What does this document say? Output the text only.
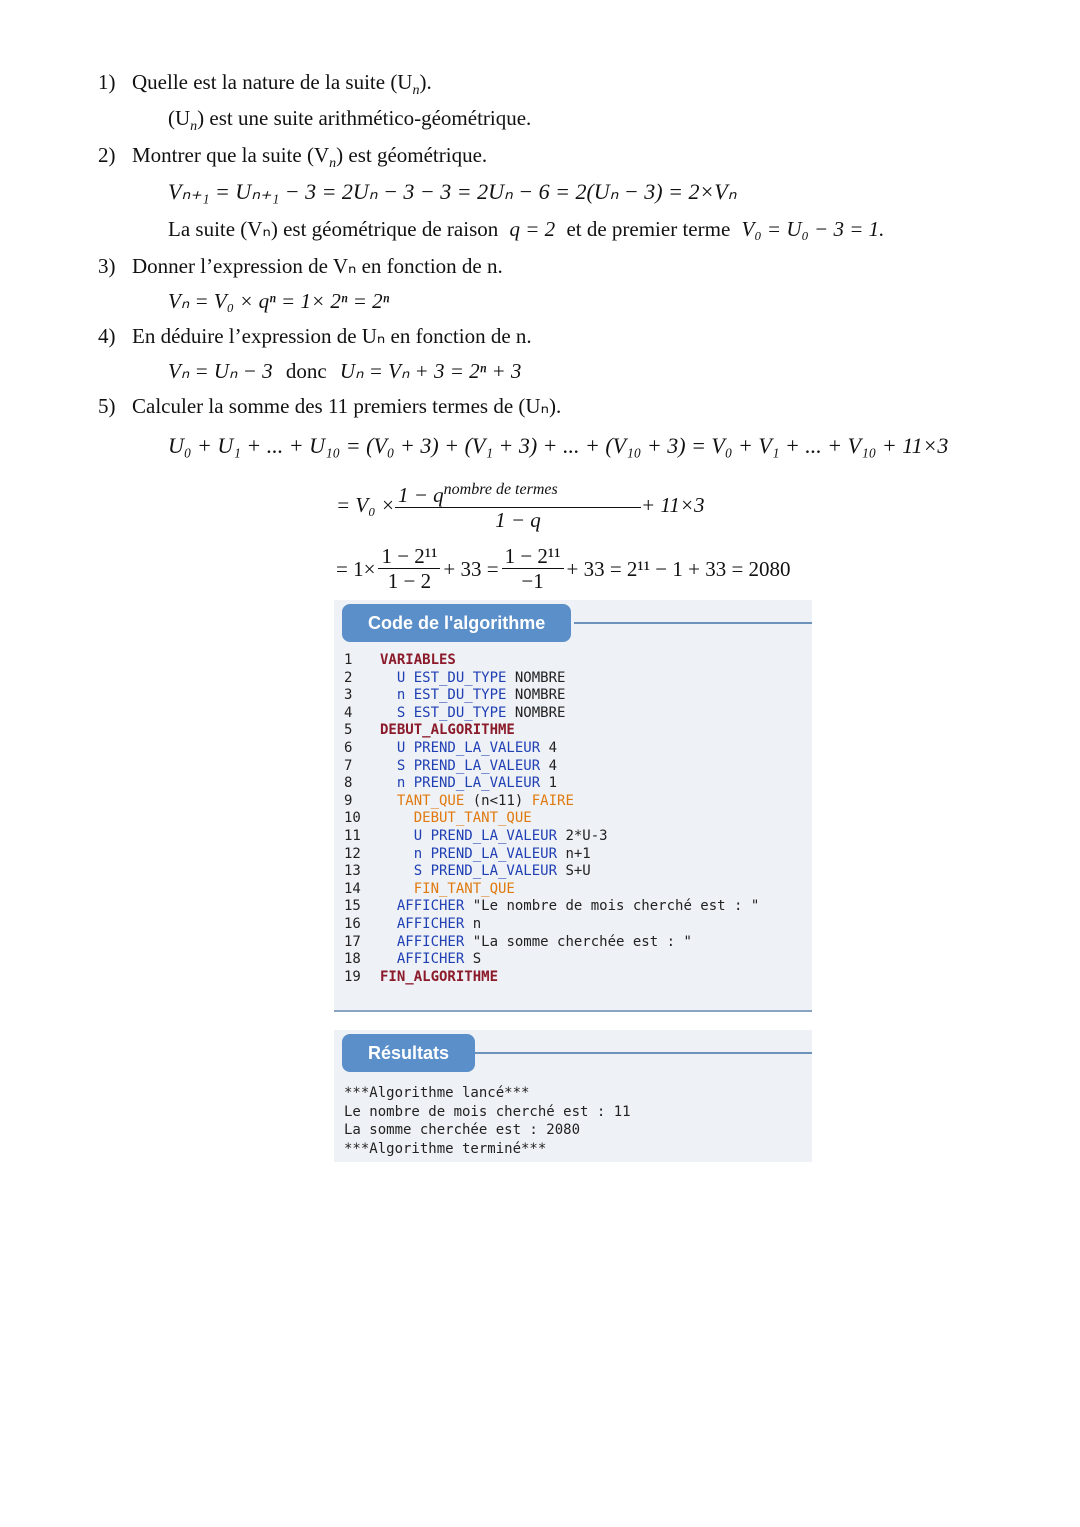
1) Quelle est la nature de la suite $(U_n)$.
$(U_n)$ est une suite arithmético-géométrique.
2) Montrer que la suite $(V_n)$ est géométrique.
Vₙ₊₁ = Uₙ₊₁ − 3 = 2Uₙ − 3 − 3 = 2Uₙ − 6 = 2(Uₙ − 3) = 2×Vₙ
La suite (Vₙ) est géométrique de raison q = 2 et de premier terme V₀ = U₀ − 3 = 1.
3) Donner l’expression de Vₙ en fonction de n.
Vₙ = V₀ × qⁿ = 1× 2ⁿ = 2ⁿ
4) En déduire l’expression de Uₙ en fonction de n.
Vₙ = Uₙ − 3 donc Uₙ = Vₙ + 3 = 2ⁿ + 3
5) Calculer la somme des 11 premiers termes de (Uₙ).
U₀ + U₁ + ... + U₁₀ = (V₀ + 3) + (V₁ + 3) + ... + (V₁₀ + 3) = V₀ + V₁ + ... + V₁₀ + 11×3
= $V_0 \times \frac{1 - q^{nombre de termes}}{1 - q} + 11\times 3$
= $1\times \frac{\text{1 − 2¹¹}}{1 - 2} + 33 = \frac{\text{1 − 2¹¹}}{-1} + 33 = 2^{11} - 1 + 33 = 2080$
Code de l'algorithme
1 VARIABLES
2	U EST_DU_TYPE NOMBRE
3	n EST_DU_TYPE NOMBRE
4	S EST_DU_TYPE NOMBRE
5 DEBUT_ALGORITHME
6	U PREND_LA_VALEUR 4
7	S PREND_LA_VALEUR 4
8	n PREND_LA_VALEUR 1
9	TANT_QUE (n<11) FAIRE
10	DEBUT_TANT_QUE
11	U PREND_LA_VALEUR 2*U-3
12	n PREND_LA_VALEUR n+1
13	S PREND_LA_VALEUR S+U
14	FIN_TANT_QUE
15	AFFICHER "Le nombre de mois cherché est : "
16	AFFICHER n
17	AFFICHER "La somme cherchée est : "
18	AFFICHER S
19 FIN_ALGORITHME
Résultats
***Algorithme lancé***
Le nombre de mois cherché est : 11
La somme cherchée est : 2080
***Algorithme terminé***
